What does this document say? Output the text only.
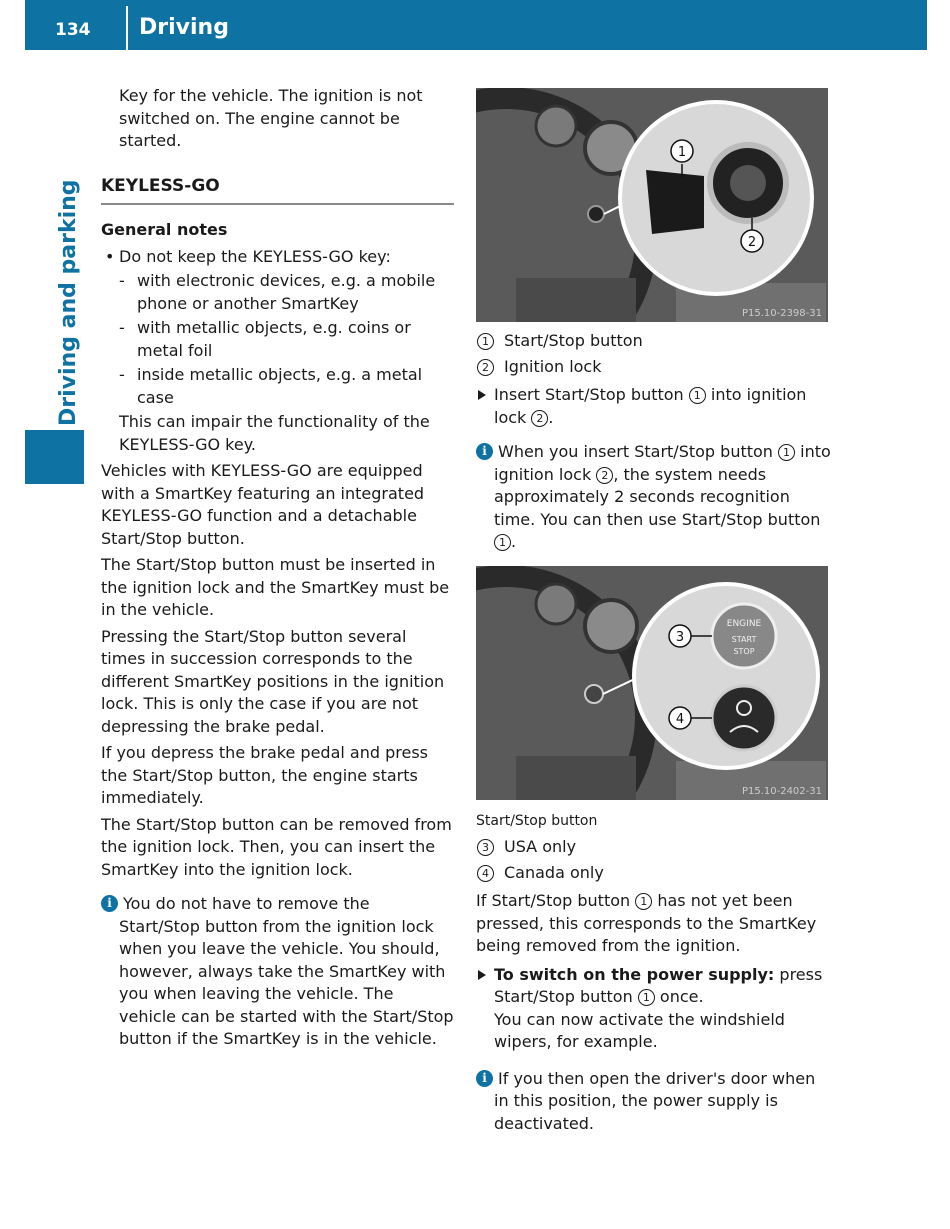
134 Driving
Driving and parking

Key for the vehicle. The ignition is not switched on. The engine cannot be started.

KEYLESS-GO
General notes
• Do not keep the KEYLESS-GO key:
- with electronic devices, e.g. a mobile phone or another SmartKey
- with metallic objects, e.g. coins or metal foil
- inside metallic objects, e.g. a metal case

This can impair the functionality of the KEYLESS-GO key.

Vehicles with KEYLESS-GO are equipped with a SmartKey featuring an integrated KEYLESS-GO function and a detachable Start/Stop button.

The Start/Stop button must be inserted in the ignition lock and the SmartKey must be in the vehicle.

Pressing the Start/Stop button several times in succession corresponds to the different SmartKey positions in the ignition lock. This is only the case if you are not depressing the brake pedal.

If you depress the brake pedal and press the Start/Stop button, the engine starts immediately.

The Start/Stop button can be removed from the ignition lock. Then, you can insert the SmartKey into the ignition lock.

i You do not have to remove the Start/Stop button from the ignition lock when you leave the vehicle. You should, however, always take the SmartKey with you when leaving the vehicle. The vehicle can be started with the Start/Stop button if the SmartKey is in the vehicle.
1
2
P15.10-2398-31
1 Start/Stop button
2 Ignition lock
Insert Start/Stop button 1 into ignition lock 2 .
i When you insert Start/Stop button 1 into ignition lock 2 , the system needs approximately 2 seconds recognition time. You can then use Start/Stop button 1 .
ENGINE
START
STOP
3
4
P15.10-2402-31
Start/Stop button
3 USA only
4 Canada only

If Start/Stop button 1 has not yet been pressed, this corresponds to the SmartKey being removed from the ignition.

To switch on the power supply: press Start/Stop button 1 once.
You can now activate the windshield wipers, for example.
i If you then open the driver's door when in this position, the power supply is deactivated.
